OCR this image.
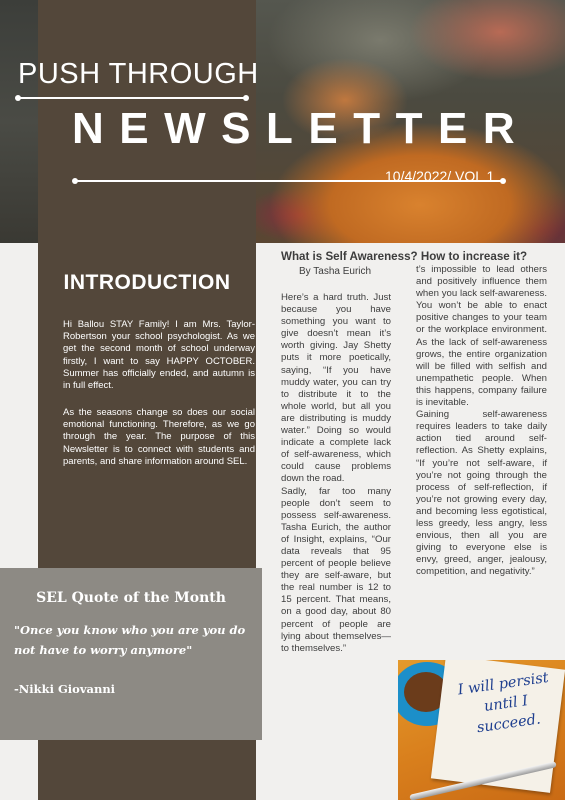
PUSH THROUGH
NEWSLETTER
10/4/2022/ VOL 1
INTRODUCTION

Hi Ballou STAY Family! I am Mrs. Taylor-Robertson your school psychologist. As we get the second month of school underway firstly, I want to say HAPPY OCTOBER. Summer has officially ended, and autumn is in full effect.

As the seasons change so does our social emotional functioning. Therefore, as we go through the year. The purpose of this Newsletter is to connect with students and parents, and share information around SEL.

SEL Quote of the Month
"Once you know who you are you do not have to worry anymore"
-Nikki Giovanni
What is Self Awareness? How to increase it?
By Tasha Eurich

Here’s a hard truth. Just because you have something you want to give doesn’t mean it’s worth giving. Jay Shetty puts it more poetically, saying, “If you have muddy water, you can try to distribute it to the whole world, but all you are distributing is muddy water.” Doing so would indicate a complete lack of self-awareness, which could cause problems down the road.

Sadly, far too many people don’t seem to possess self-awareness. Tasha Eurich, the author of Insight, explains, “Our data reveals that 95 percent of people believe they are self-aware, but the real number is 12 to 15 percent. That means, on a good day, about 80 percent of people are lying about themselves—to themselves.”

t’s impossible to lead others and positively influence them when you lack self-awareness. You won’t be able to enact positive changes to your team or the workplace environment. As the lack of self-awareness grows, the entire organization will be filled with selfish and unempathetic people. When this happens, company failure is inevitable.

Gaining self-awareness requires leaders to take daily action tied around self-reflection. As Shetty explains, “If you’re not self-aware, if you’re not going through the process of self-reflection, if you’re not growing every day, and becoming less egotistical, less greedy, less angry, less envious, then all you are giving to everyone else is envy, greed, anger, jealousy, competition, and negativity.”

I will persist until I succeed.
